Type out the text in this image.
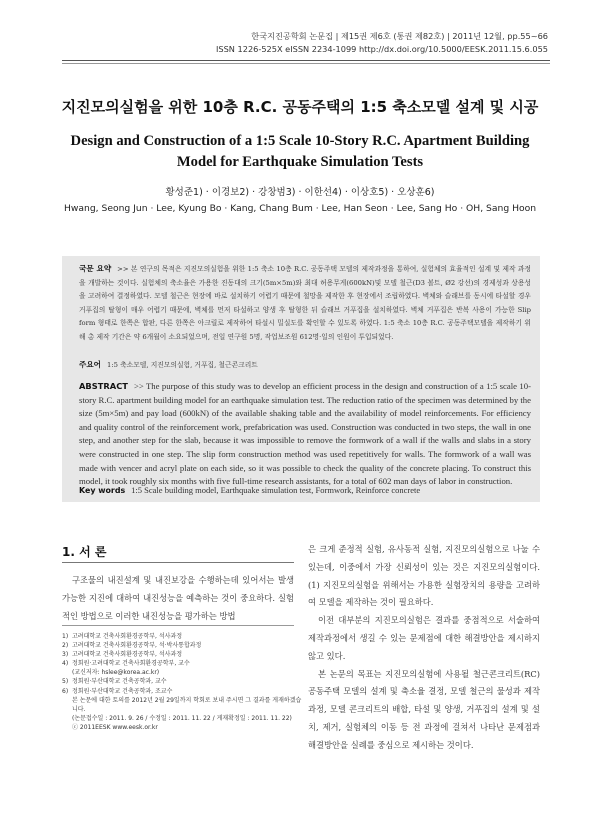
한국지진공학회 논문집 | 제15권 제6호 (통권 제82호) | 2011년 12월, pp.55~66
ISSN 1226-525X eISSN 2234-1099 http://dx.doi.org/10.5000/EESK.2011.15.6.055
지진모의실험을 위한 10층 R.C. 공동주택의 1:5 축소모델 설계 및 시공
Design and Construction of a 1:5 Scale 10-Story R.C. Apartment Building
Model for Earthquake Simulation Tests
황성준1) · 이경보2) · 강창범3) · 이한선4) · 이상호5) · 오상훈6)
Hwang, Seong Jun · Lee, Kyung Bo · Kang, Chang Bum · Lee, Han Seon · Lee, Sang Ho · OH, Sang Hoon
국문 요약 >> 본 연구의 목적은 지진모의실험을 위한 1:5 축소 10층 R.C. 공동주택 모델의 제작과정을 통하여, 실험체의 효율적인 설계 및 제작 과정을 개발하는 것이다. 실험체의 축소율은 가용한 진동대의 크기(5m×5m)와 최대 허용무게(600kN)및 모델 철근(D3 볼트, Ø2 강선)의 경제성과 상용성을 고려하여 결정하였다. 모델 철근은 현장에 바로 설치하기 어렵기 때문에 철망을 제작한 후 현장에서 조립하였다. 벽체와 슬래브를 동시에 타설할 경우 거푸집의 탈형이 매우 어렵기 때문에, 벽체를 먼저 타설하고 양생 후 탈형한 뒤 슬래브 거푸집을 설치하였다. 벽체 거푸집은 반복 사용이 가능한 Slip form 형태로 한쪽은 합판, 다른 한쪽은 아크릴로 제작하여 타설시 밀실도를 확인할 수 있도록 하였다. 1:5 축소 10층 R.C. 공동주택모델을 제작하기 위해 총 제작 기간은 약 6개월이 소요되었으며, 전일 연구원 5명, 작업보조원 612명·일의 인원이 투입되었다.
주요어 1:5 축소모델, 지진모의실험, 거푸집, 철근콘크리트
ABSTRACT >> The purpose of this study was to develop an efficient process in the design and construction of a 1:5 scale 10-story R.C. apartment building model for an earthquake simulation test. The reduction ratio of the specimen was determined by the size (5m×5m) and pay load (600kN) of the available shaking table and the availability of model reinforcements. For efficiency and quality control of the reinforcement work, prefabrication was used. Construction was conducted in two steps, the wall in one step, and another step for the slab, because it was impossible to remove the formwork of a wall if the walls and slabs in a story were constructed in one step. The slip form construction method was used repetitively for walls. The formwork of a wall was made with vencer and acryl plate on each side, so it was possible to check the quality of the concrete placing. To construct this model, it took roughly six months with five full-time research assistants, for a total of 602 man days of labor in construction.
Key words 1:5 Scale building model, Earthquake simulation test, Formwork, Reinforce concrete
1. 서 론

구조물의 내진설계 및 내진보강을 수행하는데 있어서는 발생 가능한 지진에 대하여 내진성능을 예측하는 것이 중요하다. 실험적인 방법으로 이러한 내진성능을 평가하는 방법

1) 고려대학교 건축사회환경공학부, 석사과정
2) 고려대학교 건축사회환경공학부, 석·박사통합과정
3) 고려대학교 건축사회환경공학부, 석사과정
4) 정회원·고려대학교 건축사회환경공학부, 교수
(교신저자: hslee@korea.ac.kr)
5) 정회원·부산대학교 건축공학과, 교수
6) 정회원·부산대학교 건축공학과, 조교수
본 논문에 대한 토의를 2012년 2월 29일까지 학회로 보내 주시면 그 결과를 게재하겠습니다.
(논문접수일 : 2011. 9. 26 / 수정일 : 2011. 11. 22 / 게재확정일 : 2011. 11. 22)
ⓒ 2011EESK www.eesk.or.kr

은 크게 준정적 실험, 유사동적 실험, 지진모의실험으로 나눌 수 있는데, 이중에서 가장 신뢰성이 있는 것은 지진모의실험이다.(1) 지진모의실험을 위해서는 가용한 실험장치의 용량을 고려하여 모델을 제작하는 것이 필요하다.

이전 대부분의 지진모의실험은 결과를 중점적으로 서술하여 제작과정에서 생길 수 있는 문제점에 대한 해결방안을 제시하지 않고 있다.

본 논문의 목표는 지진모의실험에 사용될 철근콘크리트(RC) 공동주택 모델의 설계 및 축소율 결정, 모델 철근의 물성과 제작과정, 모델 콘크리트의 배합, 타설 및 양생, 거푸집의 설계 및 설치, 제거, 실험체의 이동 등 전 과정에 걸쳐서 나타난 문제점과 해결방안을 실례를 중심으로 제시하는 것이다.
